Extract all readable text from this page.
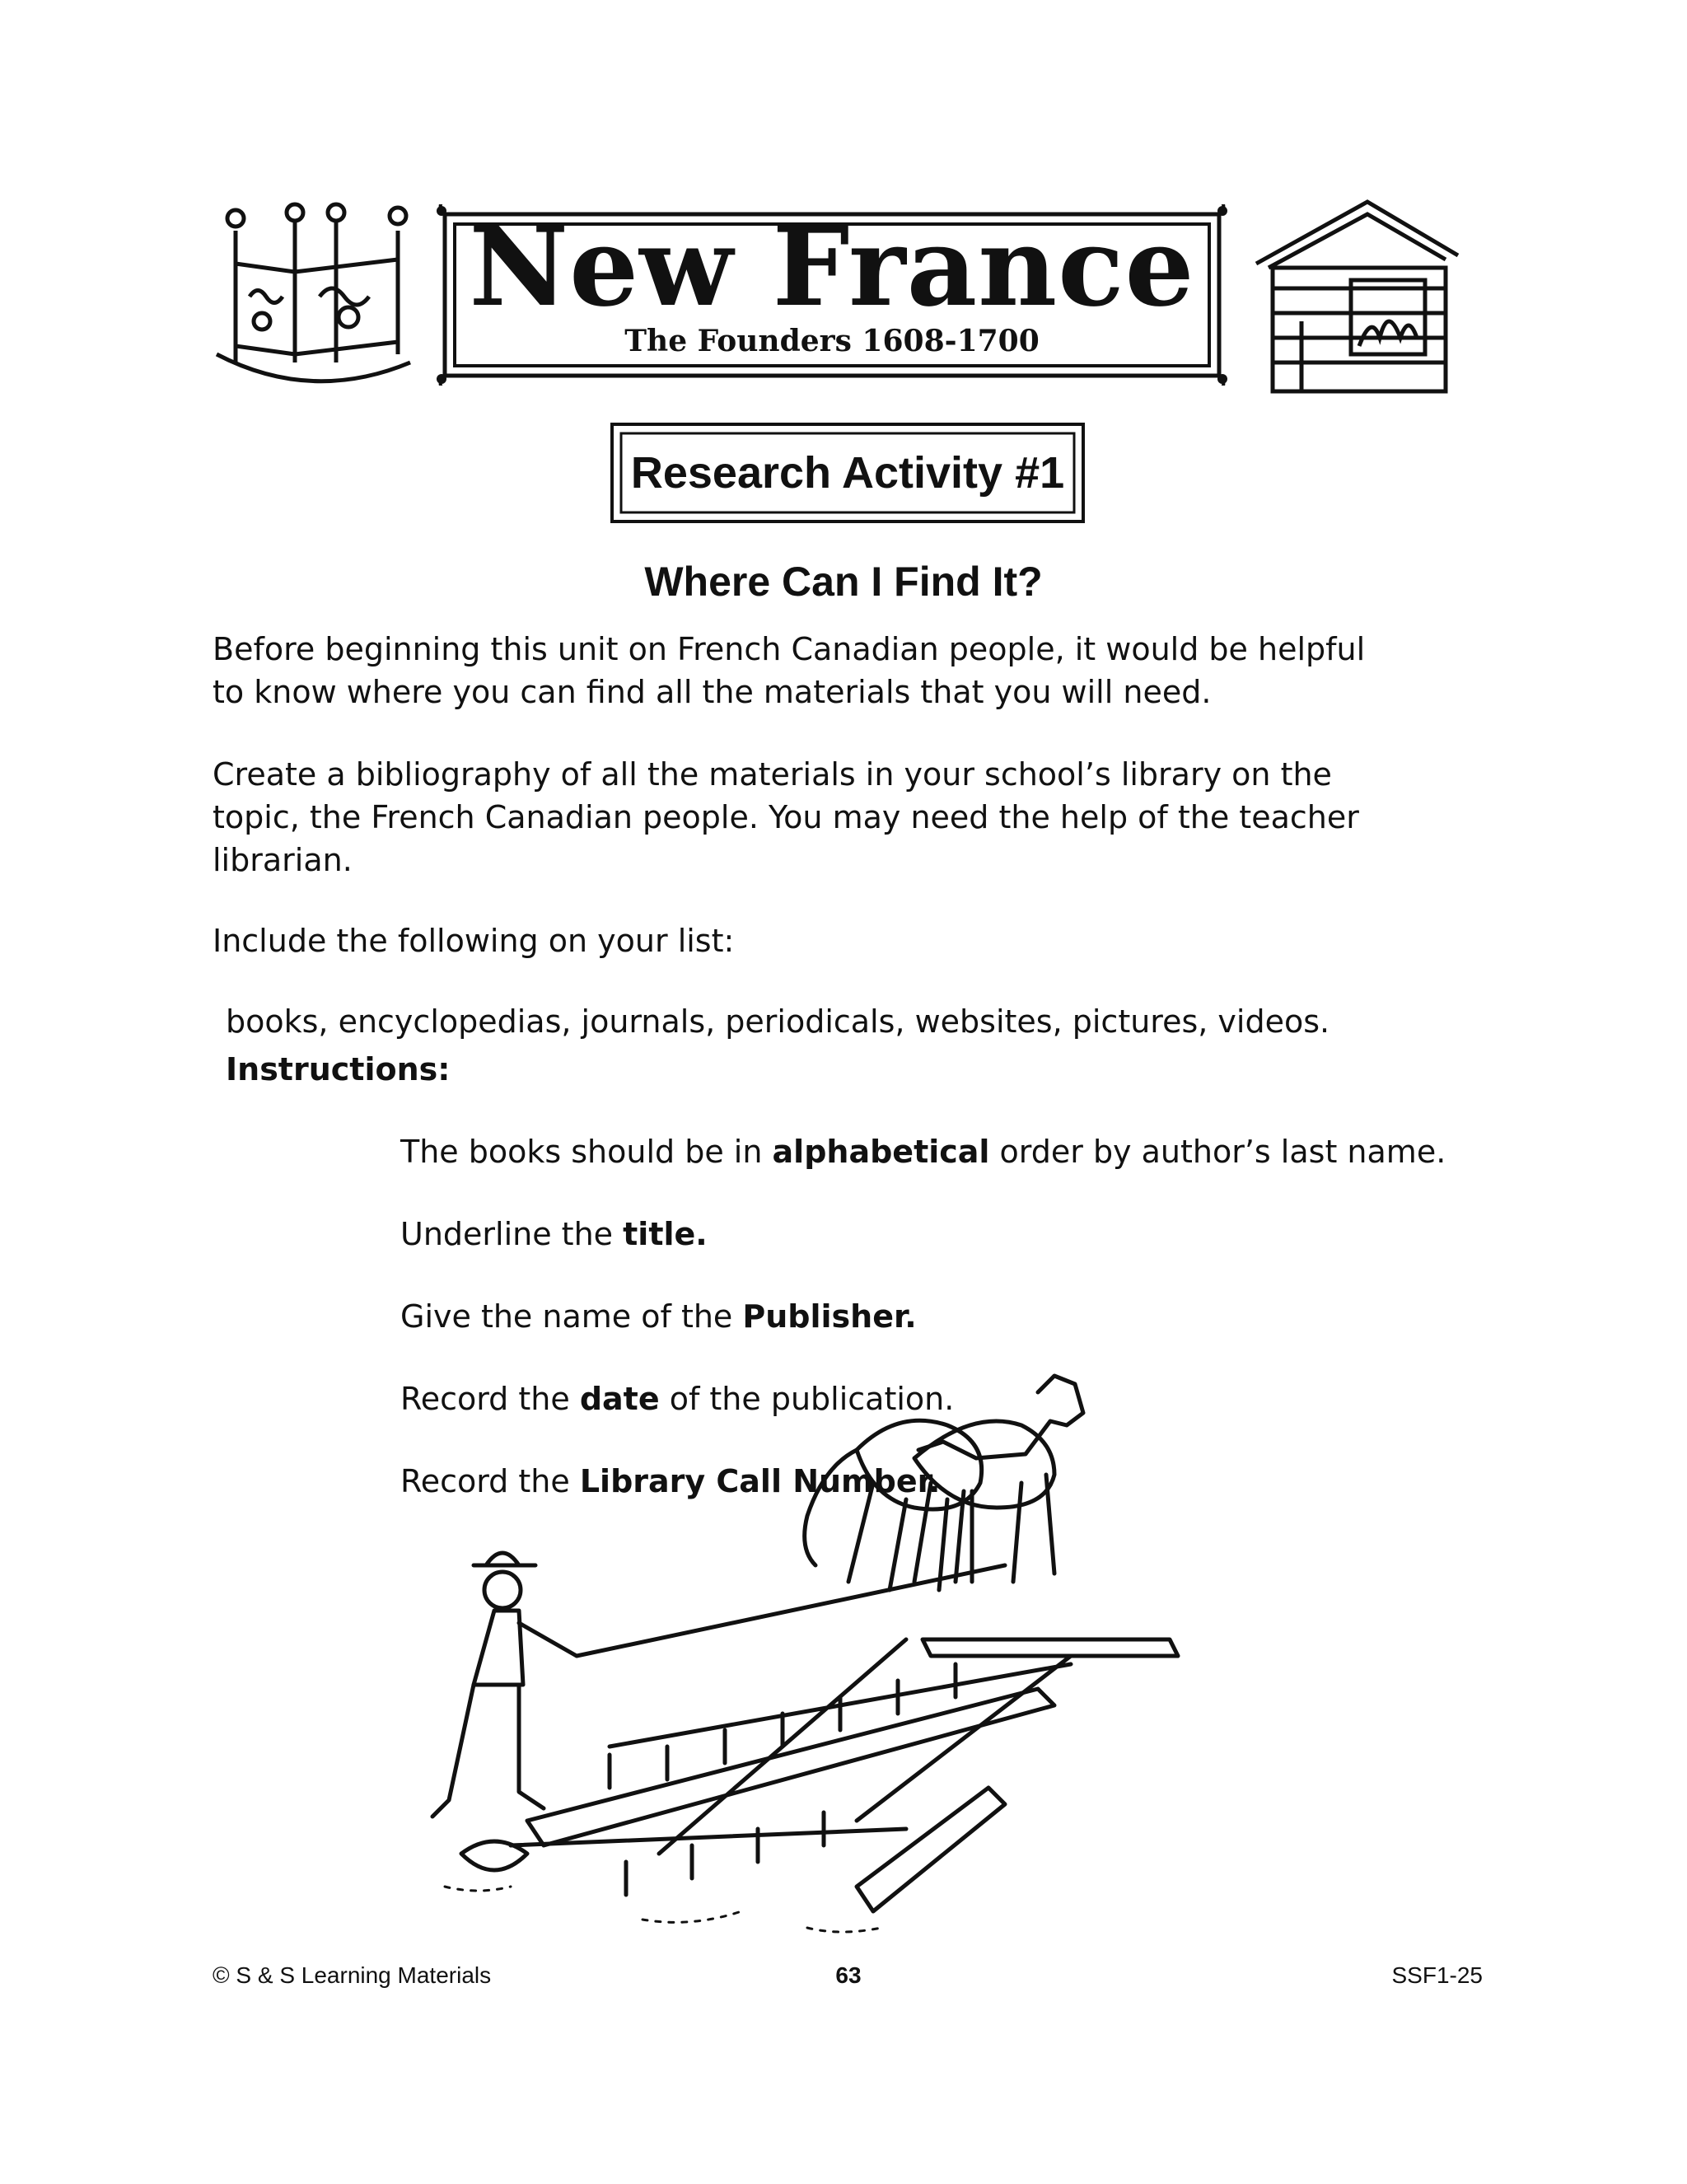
New France
The Founders 1608-1700
Research Activity #1
Where Can I Find It?
Before beginning this unit on French Canadian people, it would be helpful
to know where you can find all the materials that you will need.
Create a bibliography of all the materials in your school’s library on the
topic, the French Canadian people. You may need the help of the teacher
librarian.
Include the following on your list:
books, encyclopedias, journals, periodicals, websites, pictures, videos.
Instructions:
The books should be in alphabetical order by author’s last name.
Underline the title.
Give the name of the Publisher.
Record the date of the publication.
Record the Library Call Number.
© S & S Learning Materials	63	SSF1-25
